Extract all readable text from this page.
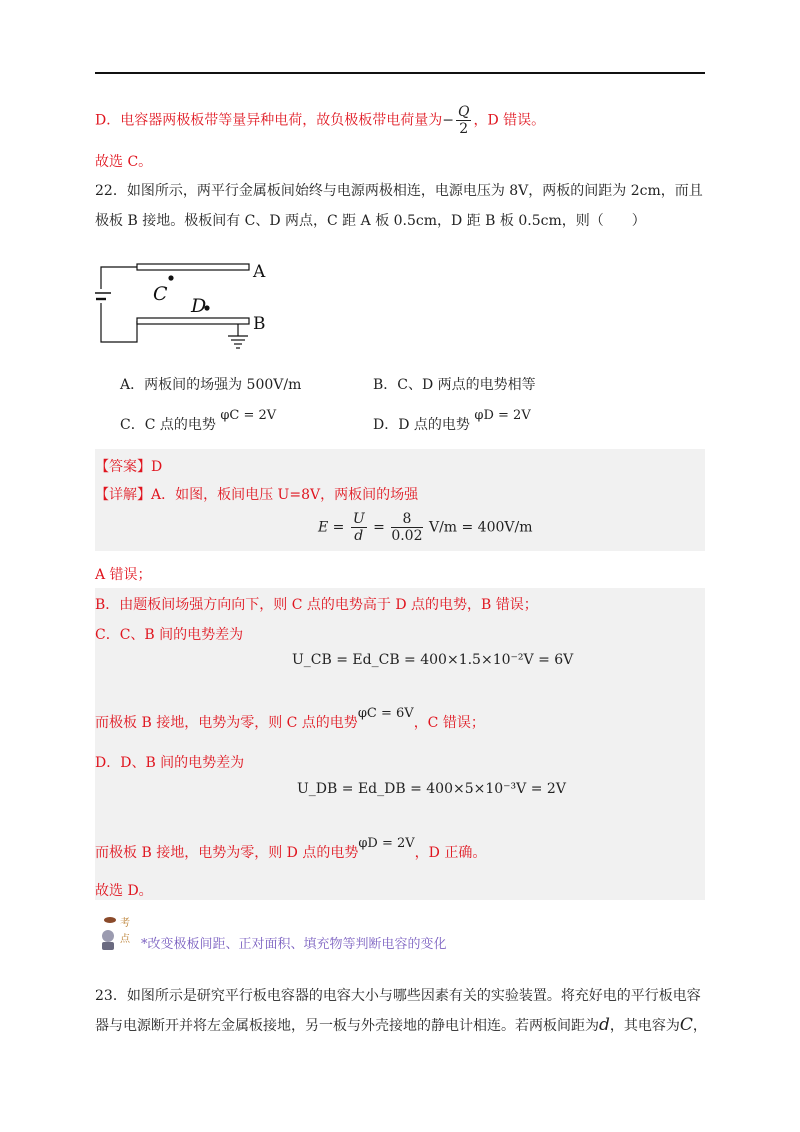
D．电容器两极板带等量异种电荷，故负极板带电荷量为− $\frac{Q}{2}$ ，D 错误。
故选 C。
22．如图所示，两平行金属板间始终与电源两极相连，电源电压为 8V，两板的间距为 2cm，而且
极板 B 接地。极板间有 C、D 两点，C 距 A 板 0.5cm，D 距 B 板 0.5cm，则（　　）
A
B
C
D
A．两板间的场强为 500V/m	B．C、D 两点的电势相等
C．C 点的电势 φC = 2V
D．D 点的电势 φD = 2V
【答案】D
【详解】A．如图，板间电压 U=8V，两板间的场强
$E = \frac{U}{d} = \frac{8}{0.02} V/m = 400V/m$
A 错误；
B．由题板间场强方向向下，则 C 点的电势高于 D 点的电势，B 错误；
C．C、B 间的电势差为
U_CB = Ed_CB = 400×1.5×10⁻²V = 6V
而极板 B 接地，电势为零，则 C 点的电势φC = 6V，C 错误；
D．D、B 间的电势差为
U_DB = Ed_DB = 400×5×10⁻³V = 2V
而极板 B 接地，电势为零，则 D 点的电势φD = 2V，D 正确。
故选 D。
考
点 *改变极板间距、正对面积、填充物等判断电容的变化
23．如图所示是研究平行板电容器的电容大小与哪些因素有关的实验装置。将充好电的平行板电容
器与电源断开并将左金属板接地，另一板与外壳接地的静电计相连。若两板间距为d，其电容为C，
